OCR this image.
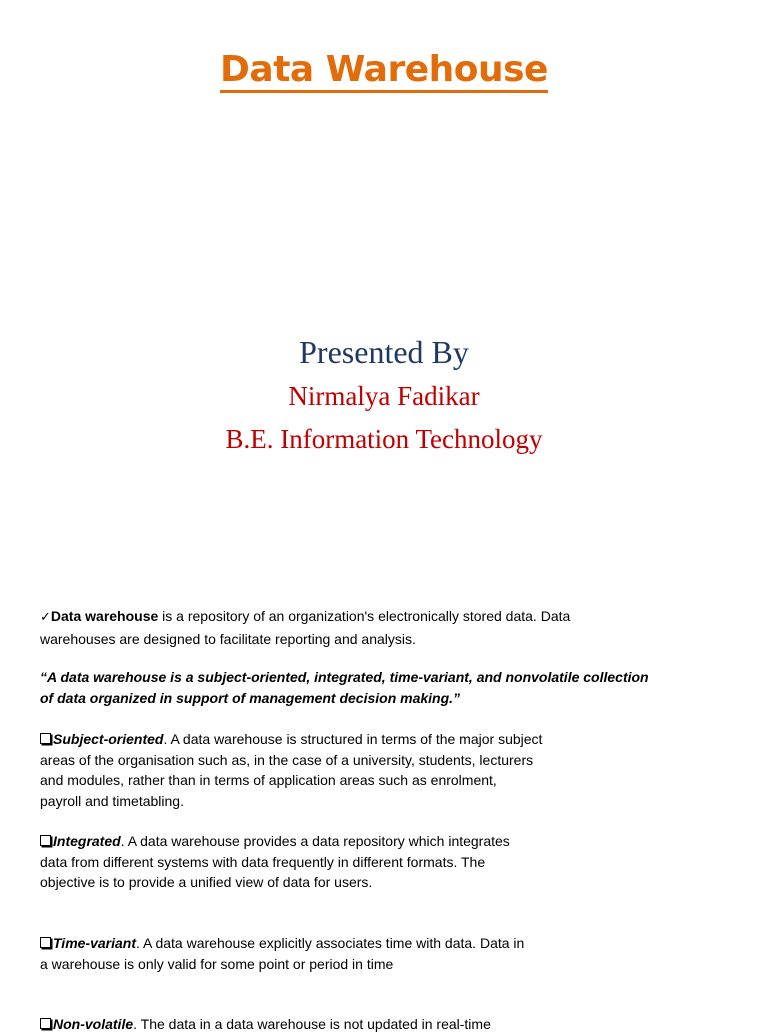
Data Warehouse
Presented By
Nirmalya Fadikar
B.E. Information Technology
✓Data warehouse is a repository of an organization's electronically stored data. Data
warehouses are designed to facilitate reporting and analysis.
“A data warehouse is a subject-oriented, integrated, time-variant, and nonvolatile collection
of data organized in support of management decision making.”
Subject-oriented. A data warehouse is structured in terms of the major subject
areas of the organisation such as, in the case of a university, students, lecturers
and modules, rather than in terms of application areas such as enrolment,
payroll and timetabling.
Integrated. A data warehouse provides a data repository which integrates
data from different systems with data frequently in different formats. The
objective is to provide a unified view of data for users.
Time-variant. A data warehouse explicitly associates time with data. Data in
a warehouse is only valid for some point or period in time
Non-volatile. The data in a data warehouse is not updated in real-time
